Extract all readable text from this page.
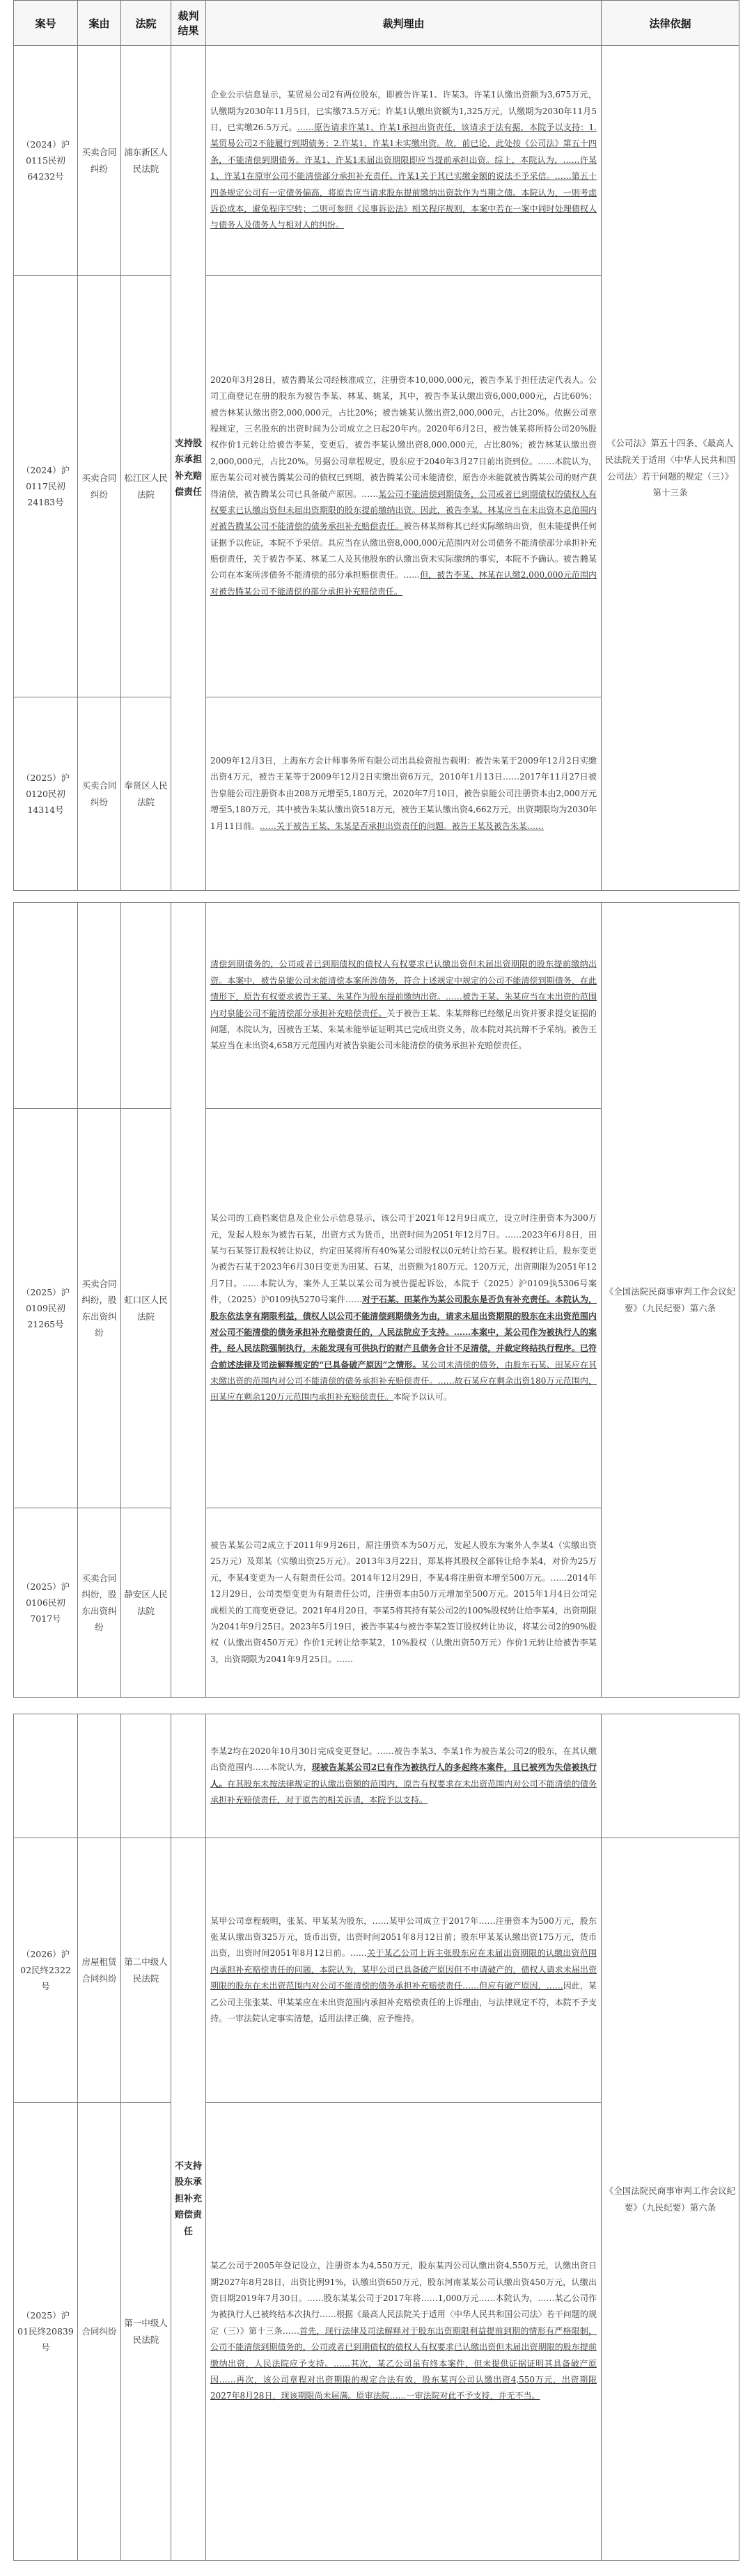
案号	案由	法院	裁判结果	裁判理由	法律依据
（2024）沪0115民初64232号	买卖合同纠纷	浦东新区人民法院	支持股东承担补充赔偿责任	企业公示信息显示，某贸易公司2有两位股东，即被告许某1、许某3。许某1认缴出资额为3,675万元，认缴期为2030年11月5日，已实缴73.5万元；许某1认缴出资额为1,325万元，认缴期为2030年11月5日，已实缴26.5万元。……原告请求许某1、许某1承担出资责任，该请求于法有据，本院予以支持：1.某贸易公司2不能履行到期债务；2.许某1、许某1未实缴出资。故，前已论，此处按《公司法》第五十四条，不能清偿到期债务。许某1、许某1未届出资期限即应当提前承担出资。综上，本院认为，……许某1、许某1在原审公司不能清偿部分承担补充责任。许某1关于其已实缴金额的说法不予采信。……第五十四条规定公司有一定债务偏高，将原告应当请求股东提前缴纳出资款作为当期之债。本院认为，一则考虑诉讼成本，避免程序空转；二则可参照《民事诉讼法》相关程序规则，本案中若在一案中同时处理债权人与债务人及债务人与相对人的纠纷。	《公司法》第五十四条、《最高人民法院关于适用〈中华人民共和国公司法〉若干问题的规定（三）》第十三条
（2024）沪0117民初24183号	买卖合同纠纷	松江区人民法院		2020年3月28日，被告腾某公司经核准成立，注册资本10,000,000元，被告李某于担任法定代表人。公司工商登记在册的股东为被告李某、林某、姚某，其中，被告李某认缴出资6,000,000元，占比60%；被告林某认缴出资2,000,000元，占比20%；被告姚某认缴出资2,000,000元，占比20%。依据公司章程规定，三名股东的出资时间为公司成立之日起20年内。2020年6月2日，被告姚某将所持公司20%股权作价1元转让给被告李某，变更后，被告李某认缴出资8,000,000元，占比80%；被告林某认缴出资2,000,000元，占比20%。另据公司章程规定，股东应于2040年3月27日前出资到位。……本院认为，原告某公司对被告腾某公司的债权已到期，被告腾某公司未能清偿，原告亦未能就被告腾某公司的财产获得清偿，被告腾某公司已具备破产原因。……某公司不能清偿到期债务，公司或者已到期债权的债权人有权要求已认缴出资但未届出资期限的股东提前缴纳出资。因此，被告李某、林某应当在未出资本息范围内对被告腾某公司不能清偿的债务承担补充赔偿责任。被告林某辩称其已经实际缴纳出资，但未能提供任何证据予以佐证，本院不予采信。具应当在认缴出资8,000,000元范围内对公司债务不能清偿部分承担补充赔偿责任，关于被告李某、林某二人及其他股东的认缴出资未实际缴纳的事实，本院不予确认。被告腾某公司在本案所涉债务不能清偿的部分承担赔偿责任。……但，被告李某、林某在认缴2,000,000元范围内对被告腾某公司不能清偿的部分承担补充赔偿责任。	
（2025）沪0120民初14314号	买卖合同纠纷	奉贤区人民法院		2009年12月3日，上海东方会计师事务所有限公司出具验资报告载明：被告朱某于2009年12月2日实缴出资4万元，被告王某等于2009年12月2日实缴出资6万元，2010年1月13日……2017年11月27日被告泉能公司注册资本由208万元增至5,180万元，2020年7月10日，被告泉能公司注册资本由2,000万元增至5,180万元，其中被告朱某认缴出资518万元，被告王某认缴出资4,662万元，出资期限均为2030年1月11日前。……关于被告王某、朱某是否承担出资责任的问题。被告王某及被告朱某……	
				清偿到期债务的，公司或者已到期债权的债权人有权要求已认缴出资但未届出资期限的股东提前缴纳出资。本案中，被告泉能公司未能清偿本案所涉债务，符合上述规定中规定的公司不能清偿到期债务，在此情形下，原告有权要求被告王某、朱某作为股东提前缴纳出资。……被告王某、朱某应当在未出资的范围内对泉能公司不能清偿部分承担补充赔偿责任。关于被告王某、朱某辩称已经缴足出资并要求提交证据的问题，本院认为，因被告王某、朱某未能举证证明其已完成出资义务，故本院对其抗辩不予采纳。被告王某应当在未出资4,658万元范围内对被告泉能公司未能清偿的债务承担补充赔偿责任。	《全国法院民商事审判工作会议纪要》（九民纪要）第六条
（2025）沪0109民初21265号	买卖合同纠纷，股东出资纠纷	虹口区人民法院		某公司的工商档案信息及企业公示信息显示，该公司于2021年12月9日成立，设立时注册资本为300万元，发起人股东为被告石某，出资方式为货币，出资时间为2051年12月7日。……2023年6月8日，田某与石某签订股权转让协议，约定田某将所有40%某公司股权以0元转让给石某。股权转让后，股东变更为被告石某于2023年6月30日变更为田某、石某，出资额为180万元、120万元，出资期限为2051年12月7日。……本院认为，案外人王某以某公司为被告提起诉讼，本院于（2025）沪0109执5306号案件，（2025）沪0109执5270号案件……对于石某、田某作为某公司股东是否负有补充责任。本院认为，股东依法享有期限利益，债权人以公司不能清偿到期债务为由，请求未届出资期限的股东在未出资范围内对公司不能清偿的债务承担补充赔偿责任的，人民法院应予支持。……本案中，某公司作为被执行人的案件，经人民法院强制执行，未能发现有可供执行的财产且债务合计不足清偿，并裁定终结执行程序。已符合前述法律及司法解释规定的“已具备破产原因”之情形。某公司未清偿的债务，由股东石某、田某应在其未缴出资的范围内对公司不能清偿的债务承担补充赔偿责任。……故石某应在剩余出资180万元范围内，田某应在剩余120万元范围内承担补充赔偿责任。本院予以认可。	
（2025）沪0106民初7017号	买卖合同纠纷，股东出资纠纷	静安区人民法院		被告某某公司2成立于2011年9月26日，原注册资本为50万元，发起人股东为案外人李某4（实缴出资25万元）及郑某（实缴出资25万元）。2013年3月22日，郑某将其股权全部转让给李某4，对价为25万元，李某4变更为一人有限责任公司。2014年12月29日，李某4将注册资本增至500万元。……2014年12月29日，公司类型变更为有限责任公司，注册资本由50万元增加至500万元。2015年1月4日公司完成相关的工商变更登记。2021年4月20日，李某5将其持有某公司2的100%股权转让给李某4，出资期限为2041年9月25日。2023年5月19日，被告李某4与被告李某2签订股权转让协议，将某公司2的90%股权（认缴出资450万元）作价1元转让给李某2，10%股权（认缴出资50万元）作价1元转让给被告李某3，出资期限为2041年9月25日。……	
				李某2均在2020年10月30日完成变更登记。……被告李某3、李某1作为被告某公司2的股东，在其认缴出资范围内……本院认为，现被告某某公司2已有作为被执行人的多起终本案件，且已被列为失信被执行人。在其股东未按法律规定的认缴出资额的范围内，原告有权要求在未出资范围内对公司不能清偿的债务承担补充赔偿责任，对于原告的相关诉请，本院予以支持。	
（2026）沪02民终2322号	房屋租赁合同纠纷	第二中级人民法院	不支持股东承担补充赔偿责任	某甲公司章程载明，张某、甲某某为股东，……某甲公司成立于2017年……注册资本为500万元，股东张某认缴出资325万元，货币出资，出资时间2051年8月12日前；股东甲某某认缴出资175万元，货币出资，出资时间2051年8月12日前。……关于某乙公司上诉主张股东应在未届出资期限的认缴出资范围内承担补充赔偿责任的问题，本院认为，某甲公司已具备破产原因但不申请破产的，债权人请求未届出资期限的股东在未出资范围内对公司不能清偿的债务承担补充赔偿责任……但应有破产原因，……因此，某乙公司主张张某、甲某某应在未出资范围内承担补充赔偿责任的上诉理由，与法律规定不符，本院不予支持。一审法院认定事实清楚，适用法律正确，应予维持。	《全国法院民商事审判工作会议纪要》（九民纪要）第六条
（2025）沪01民终20839号	合同纠纷	第一中级人民法院		某乙公司于2005年登记设立，注册资本为4,550万元，股东某丙公司认缴出资4,550万元，认缴出资日期2027年8月28日，出资比例91%，认缴出资650万元，股东河南某某公司认缴出资450万元，认缴出资日期2019年7月30日。……股东某某公司于2017年将……1,000万元……本院认为，……某乙公司作为被执行人已被终结本次执行……根据《最高人民法院关于适用〈中华人民共和国公司法〉若干问题的规定（三）》第十三条……首先，现行法律及司法解释对于股东出资期限利益提前到期的情形有严格限制，公司不能清偿到期债务的，公司或者已到期债权的债权人有权要求已认缴出资但未届出资期限的股东提前缴纳出资，人民法院应予支持。……其次，某乙公司虽有终本案件，但未提供证据证明其具备破产原因……再次，该公司章程对出资期限的规定合法有效，股东某丙公司认缴出资4,550万元，出资期限2027年8月28日，现该期限尚未届满。原审法院……一审法院对此不予支持，并无不当。	
